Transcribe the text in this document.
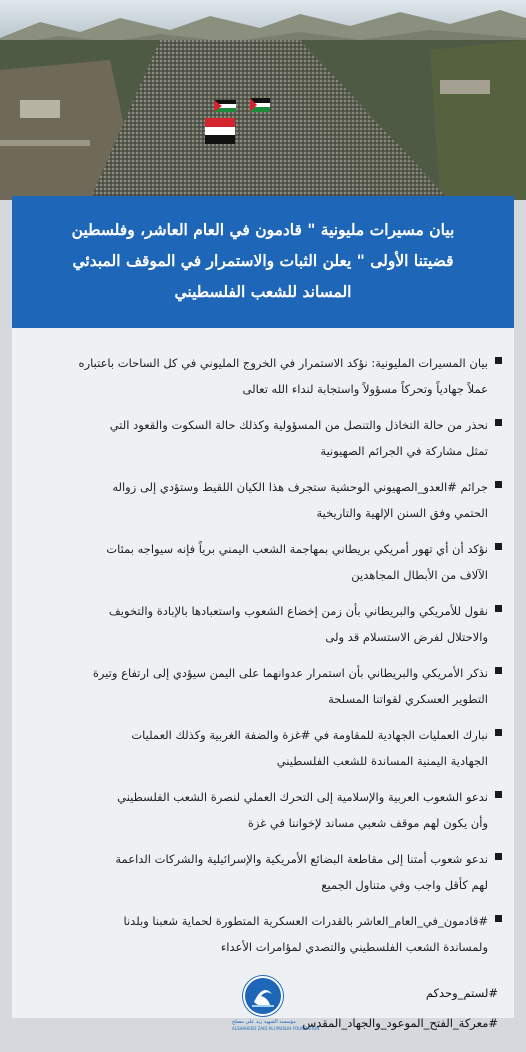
بيان مسيرات مليونية " قادمون في العام العاشر، وفلسطين
قضيتنا الأولى " يعلن الثبات والاستمرار في الموقف المبدئي
المساند للشعب الفلسطيني
بيان المسيرات المليونية: نؤكد الاستمرار في الخروج المليوني في كل الساحات باعتباره
عملاً جهادياً وتحركاً مسؤولاً واستجابة لنداء الله تعالى
نحذر من حالة التخاذل والتنصل من المسؤولية وكذلك حالة السكوت والقعود التي
تمثل مشاركة في الجرائم الصهيونية
جرائم #العدو_الصهيوني الوحشية ستجرف هذا الكيان اللقيط وستؤدي إلى زواله
الحتمي وفق السنن الإلهية والتاريخية
نؤكد أن أي تهور أمريكي بريطاني بمهاجمة الشعب اليمني برياً فإنه سيواجه بمئات
الآلاف من الأبطال المجاهدين
نقول للأمريكي والبريطاني بأن زمن إخضاع الشعوب واستعبادها بالإبادة والتخويف
والاحتلال لفرض الاستسلام قد ولى
نذكر الأمريكي والبريطاني بأن استمرار عدوانهما على اليمن سيؤدي إلى ارتفاع وتيرة
التطوير العسكري لقواتنا المسلحة
نبارك العمليات الجهادية للمقاومة في #غزة والضفة الغربية وكذلك العمليات
الجهادية اليمنية المساندة للشعب الفلسطيني
ندعو الشعوب العربية والإسلامية إلى التحرك العملي لنصرة الشعب الفلسطيني
وأن يكون لهم موقف شعبي مساند لإخواننا في غزة
ندعو شعوب أمتنا إلى مقاطعة البضائع الأمريكية والإسرائيلية والشركات الداعمة
لهم كأقل واجب وفي متناول الجميع
#قادمون_في_العام_العاشر بالقدرات العسكرية المتطورة لحماية شعبنا وبلدنا
ولمساندة الشعب الفلسطيني والتصدي لمؤامرات الأعداء
#لستم_وحدكم
#معركة_الفتح_الموعود_والجهاد_المقدس
مؤسسة الشهيد زيد علي مصلح
ALSHAHEED ZAID ALI MUSLIH FOUNDATION
